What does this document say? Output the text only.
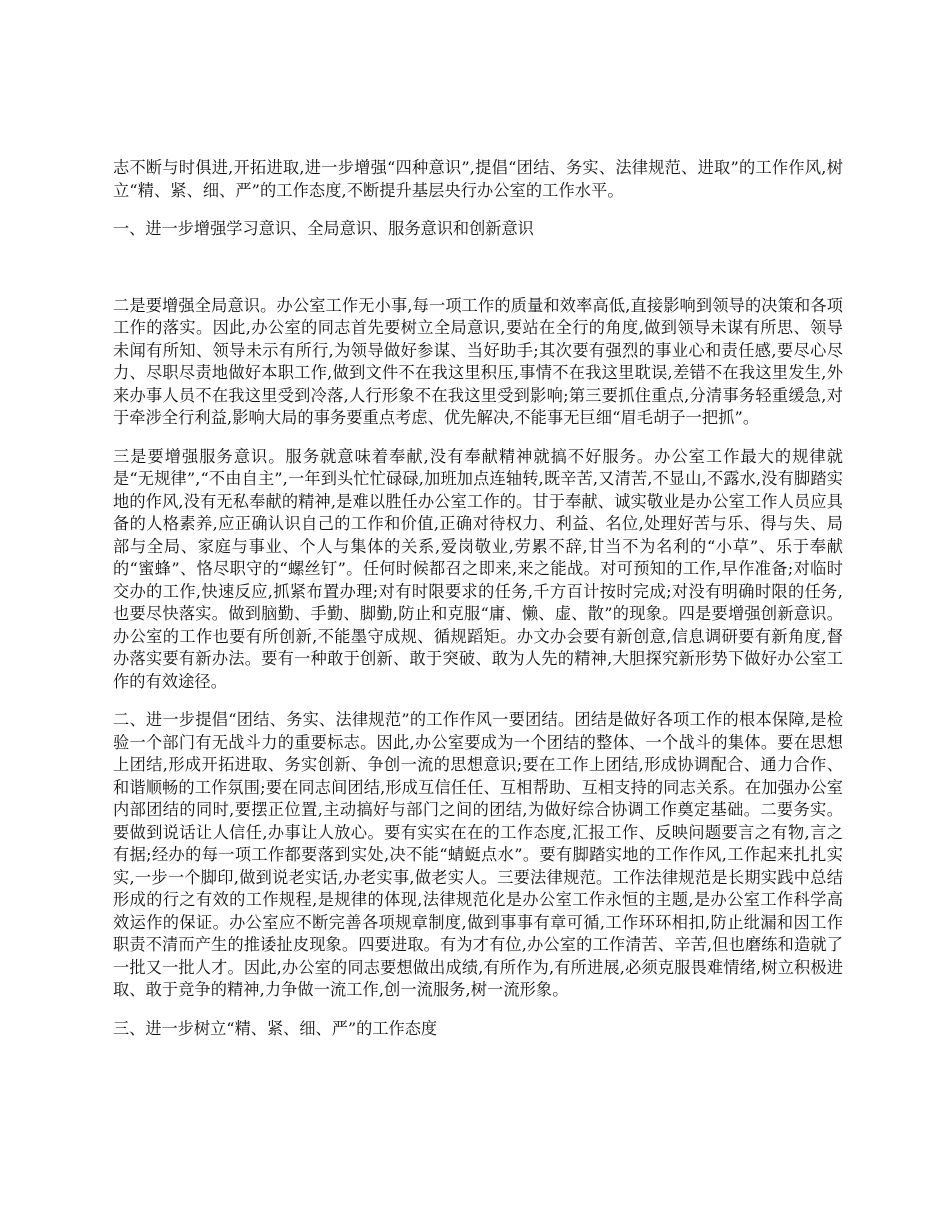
志不断与时俱进,开拓进取,进一步增强“四种意识”,提倡“团结、务实、法律规范、进取”的工作作风,树立“精、紧、细、严”的工作态度,不断提升基层央行办公室的工作水平。

一、进一步增强学习意识、全局意识、服务意识和创新意识

二是要增强全局意识。办公室工作无小事,每一项工作的质量和效率高低,直接影响到领导的决策和各项工作的落实。因此,办公室的同志首先要树立全局意识,要站在全行的角度,做到领导未谋有所思、领导未闻有所知、领导未示有所行,为领导做好参谋、当好助手;其次要有强烈的事业心和责任感,要尽心尽力、尽职尽责地做好本职工作,做到文件不在我这里积压,事情不在我这里耽误,差错不在我这里发生,外来办事人员不在我这里受到冷落,人行形象不在我这里受到影响;第三要抓住重点,分清事务轻重缓急,对于牵涉全行利益,影响大局的事务要重点考虑、优先解决,不能事无巨细“眉毛胡子一把抓”。

三是要增强服务意识。服务就意味着奉献,没有奉献精神就搞不好服务。办公室工作最大的规律就是“无规律”,“不由自主”,一年到头忙忙碌碌,加班加点连轴转,既辛苦,又清苦,不显山,不露水,没有脚踏实地的作风,没有无私奉献的精神,是难以胜任办公室工作的。甘于奉献、诚实敬业是办公室工作人员应具备的人格素养,应正确认识自己的工作和价值,正确对待权力、利益、名位,处理好苦与乐、得与失、局部与全局、家庭与事业、个人与集体的关系,爱岗敬业,劳累不辞,甘当不为名利的“小草”、乐于奉献的“蜜蜂”、恪尽职守的“螺丝钉”。任何时候都召之即来,来之能战。对可预知的工作,早作准备;对临时交办的工作,快速反应,抓紧布置办理;对有时限要求的任务,千方百计按时完成;对没有明确时限的任务,也要尽快落实。做到脑勤、手勤、脚勤,防止和克服“庸、懒、虚、散”的现象。四是要增强创新意识。办公室的工作也要有所创新,不能墨守成规、循规蹈矩。办文办会要有新创意,信息调研要有新角度,督办落实要有新办法。要有一种敢于创新、敢于突破、敢为人先的精神,大胆探究新形势下做好办公室工作的有效途径。

二、进一步提倡“团结、务实、法律规范”的工作作风一要团结。团结是做好各项工作的根本保障,是检验一个部门有无战斗力的重要标志。因此,办公室要成为一个团结的整体、一个战斗的集体。要在思想上团结,形成开拓进取、务实创新、争创一流的思想意识;要在工作上团结,形成协调配合、通力合作、和谐顺畅的工作氛围;要在同志间团结,形成互信任任、互相帮助、互相支持的同志关系。在加强办公室内部团结的同时,要摆正位置,主动搞好与部门之间的团结,为做好综合协调工作奠定基础。二要务实。要做到说话让人信任,办事让人放心。要有实实在在的工作态度,汇报工作、反映问题要言之有物,言之有据;经办的每一项工作都要落到实处,决不能“蜻蜓点水”。要有脚踏实地的工作作风,工作起来扎扎实实,一步一个脚印,做到说老实话,办老实事,做老实人。三要法律规范。工作法律规范是长期实践中总结形成的行之有效的工作规程,是规律的体现,法律规范化是办公室工作永恒的主题,是办公室工作科学高效运作的保证。办公室应不断完善各项规章制度,做到事事有章可循,工作环环相扣,防止纰漏和因工作职责不清而产生的推诿扯皮现象。四要进取。有为才有位,办公室的工作清苦、辛苦,但也磨练和造就了一批又一批人才。因此,办公室的同志要想做出成绩,有所作为,有所进展,必须克服畏难情绪,树立积极进取、敢于竞争的精神,力争做一流工作,创一流服务,树一流形象。

三、进一步树立“精、紧、细、严”的工作态度
